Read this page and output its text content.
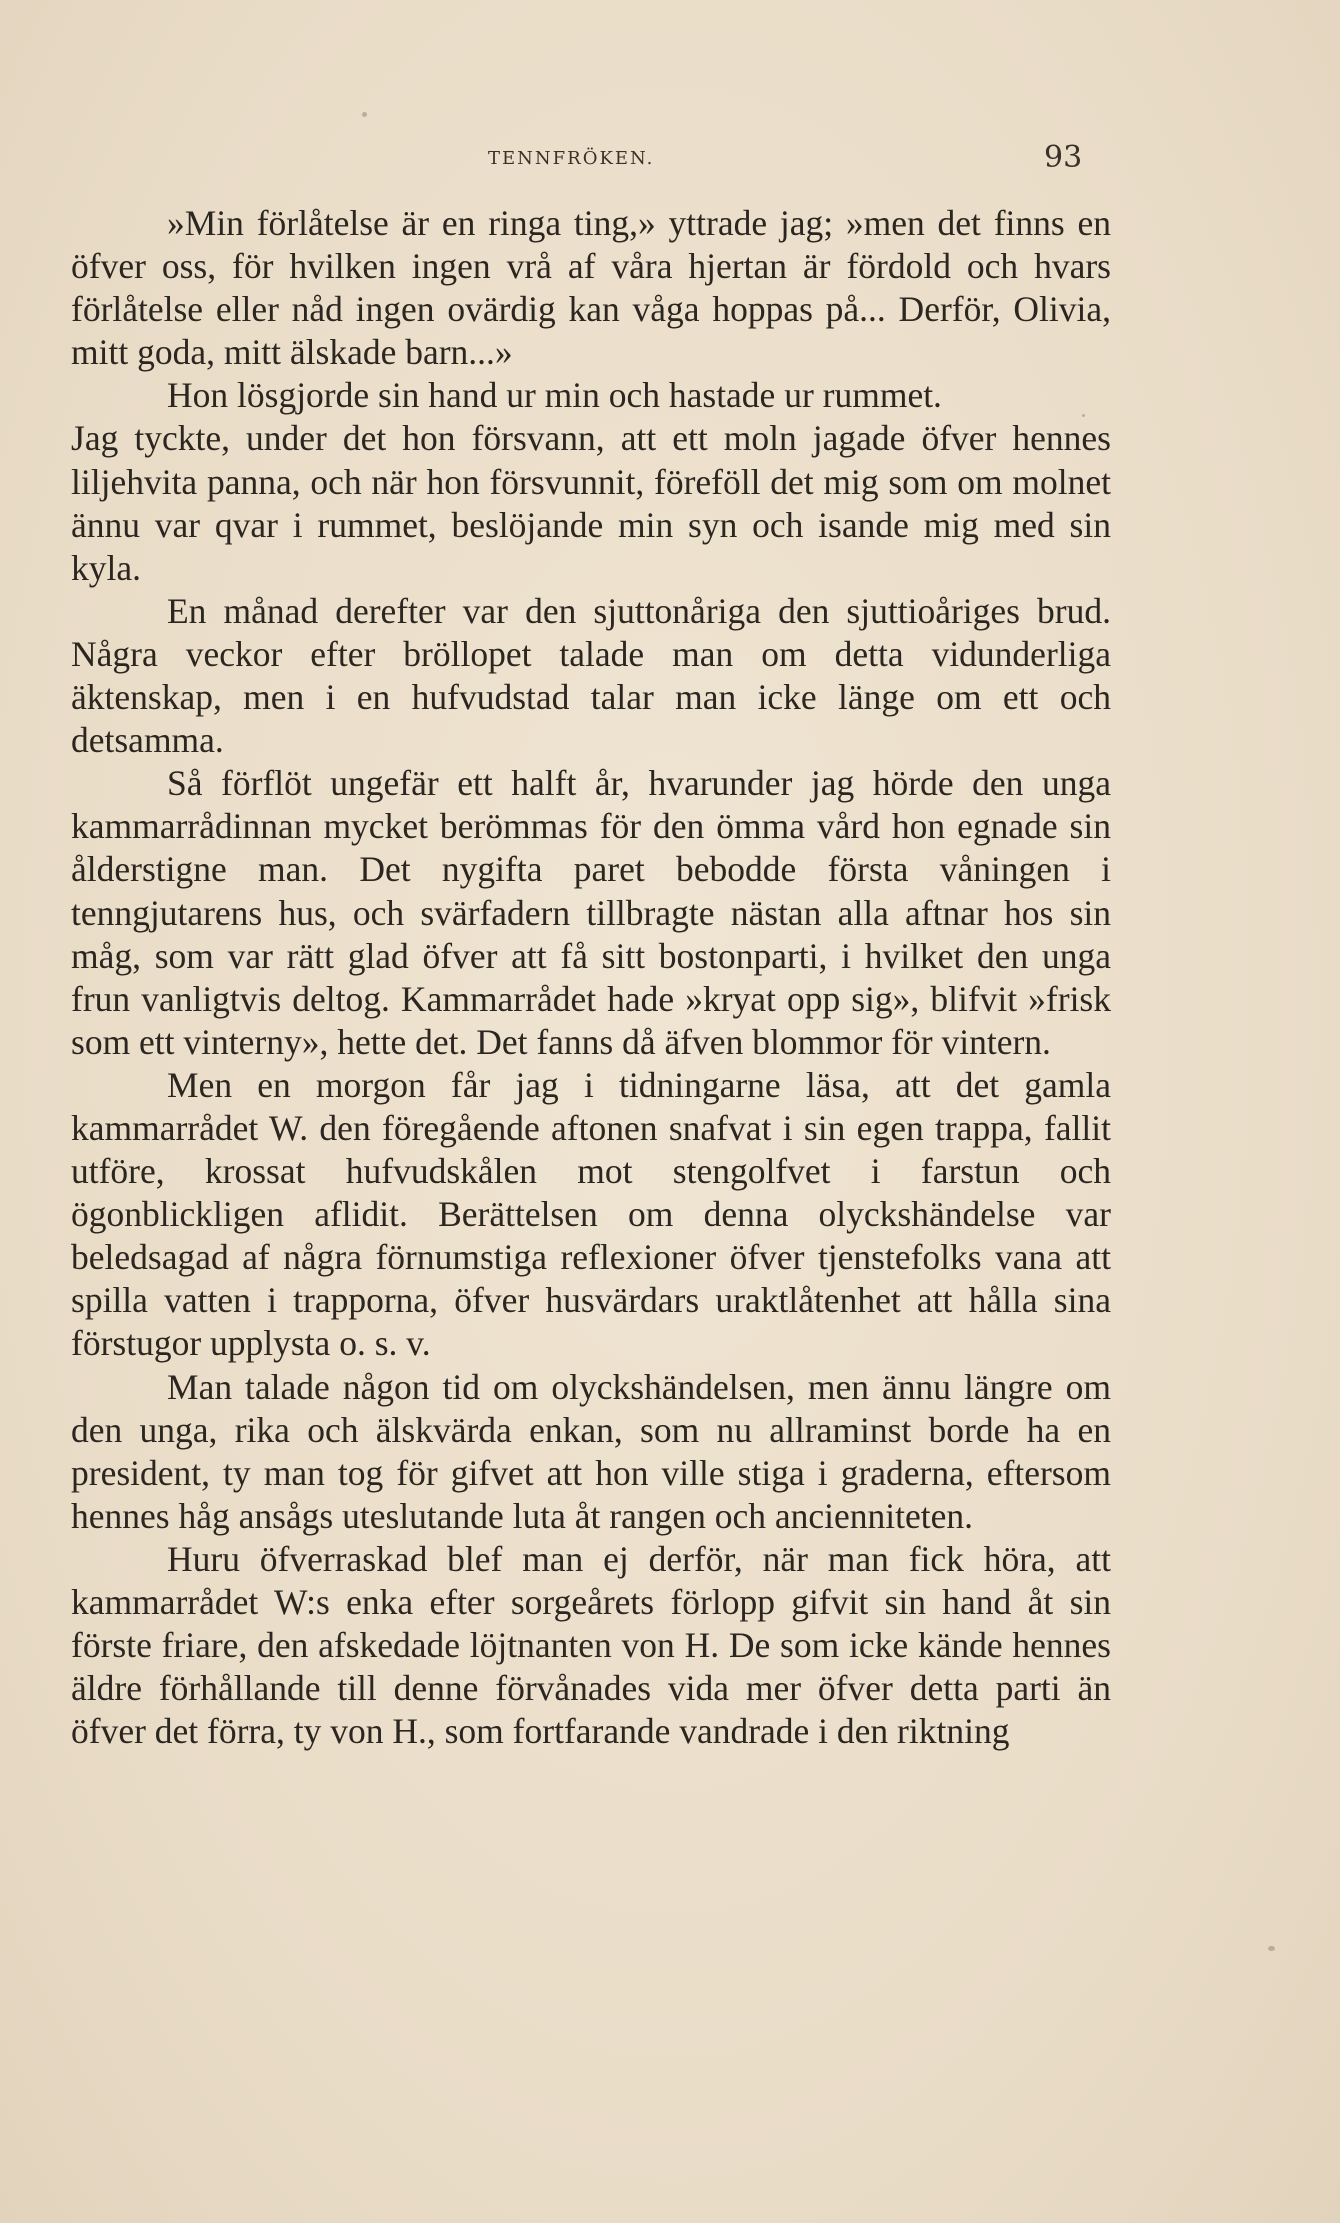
TENNFRÖKEN.	93

»Min förlåtelse är en ringa ting,» yttrade jag; »men det finns en öfver oss, för hvilken ingen vrå af våra hjertan är fördold och hvars förlåtelse eller nåd ingen ovärdig kan våga hoppas på... Derför, Olivia, mitt goda, mitt älskade barn...»

Hon lösgjorde sin hand ur min och hastade ur rummet.

Jag tyckte, under det hon försvann, att ett moln jagade öfver hennes liljehvita panna, och när hon försvunnit, föreföll det mig som om molnet ännu var qvar i rummet, beslöjande min syn och isande mig med sin kyla.

En månad derefter var den sjuttonåriga den sjuttioåriges brud. Några veckor efter bröllopet talade man om detta vidunderliga äktenskap, men i en hufvudstad talar man icke länge om ett och detsamma.

Så förflöt ungefär ett halft år, hvarunder jag hörde den unga kammarrådinnan mycket berömmas för den ömma vård hon egnade sin ålderstigne man. Det nygifta paret bebodde första våningen i tenngjutarens hus, och svärfadern tillbragte nästan alla aftnar hos sin måg, som var rätt glad öfver att få sitt bostonparti, i hvilket den unga frun vanligtvis deltog. Kammarrådet hade »kryat opp sig», blifvit »frisk som ett vinterny», hette det. Det fanns då äfven blommor för vintern.

Men en morgon får jag i tidningarne läsa, att det gamla kammarrådet W. den föregående aftonen snafvat i sin egen trappa, fallit utföre, krossat hufvudskålen mot stengolfvet i farstun och ögonblickligen aflidit. Berättelsen om denna olyckshändelse var beledsagad af några förnumstiga reflexioner öfver tjenstefolks vana att spilla vatten i trapporna, öfver husvärdars uraktlåtenhet att hålla sina förstugor upplysta o. s. v.

Man talade någon tid om olyckshändelsen, men ännu längre om den unga, rika och älskvärda enkan, som nu allraminst borde ha en president, ty man tog för gifvet att hon ville stiga i graderna, eftersom hennes håg ansågs uteslutande luta åt rangen och ancienniteten.

Huru öfverraskad blef man ej derför, när man fick höra, att kammarrådet W:s enka efter sorgeårets förlopp gifvit sin hand åt sin förste friare, den afskedade löjtnanten von H. De som icke kände hennes äldre förhållande till denne förvånades vida mer öfver detta parti än öfver det förra, ty von H., som fortfarande vandrade i den riktning
